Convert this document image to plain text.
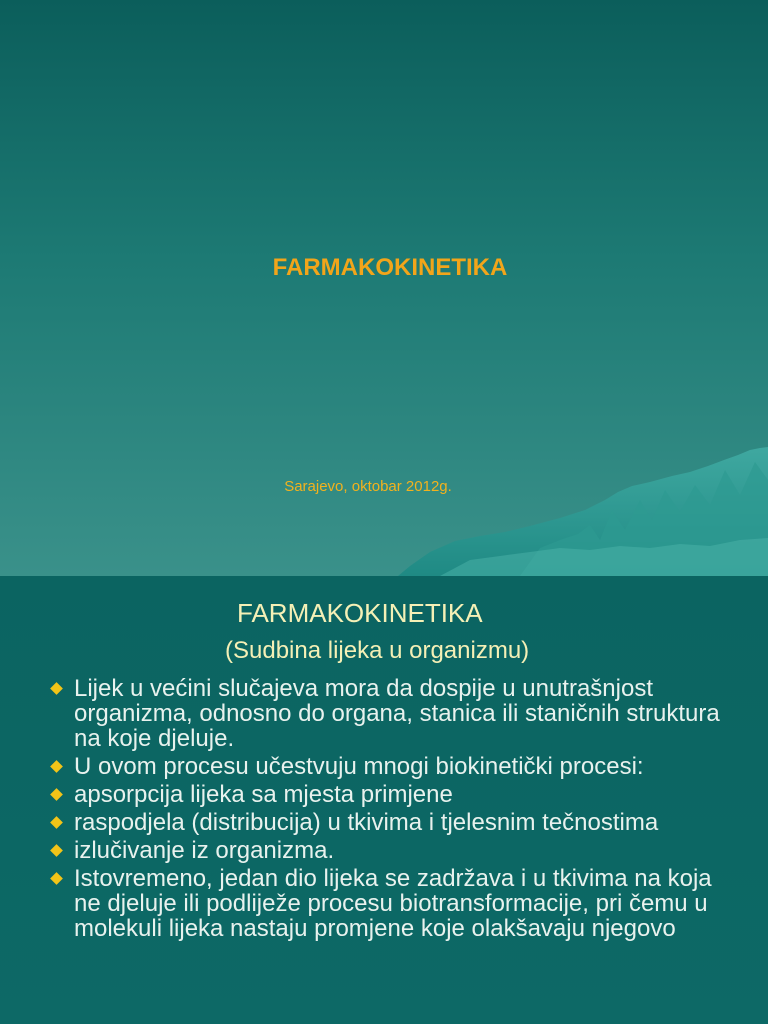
FARMAKOKINETIKA

Sarajevo, oktobar 2012g.

FARMAKOKINETIKA

(Sudbina lijeka u organizmu)

Lijek u većini slučajeva mora da dospije u unutrašnjost organizma, odnosno do organa, stanica ili staničnih struktura na koje djeluje.
U ovom procesu učestvuju mnogi biokinetički procesi:
apsorpcija lijeka sa mjesta primjene
raspodjela (distribucija) u tkivima i tjelesnim tečnostima
izlučivanje iz organizma.
Istovremeno, jedan dio lijeka se zadržava i u tkivima na koja ne djeluje ili podliježe procesu biotransformacije, pri čemu u molekuli lijeka nastaju promjene koje olakšavaju njegovo
